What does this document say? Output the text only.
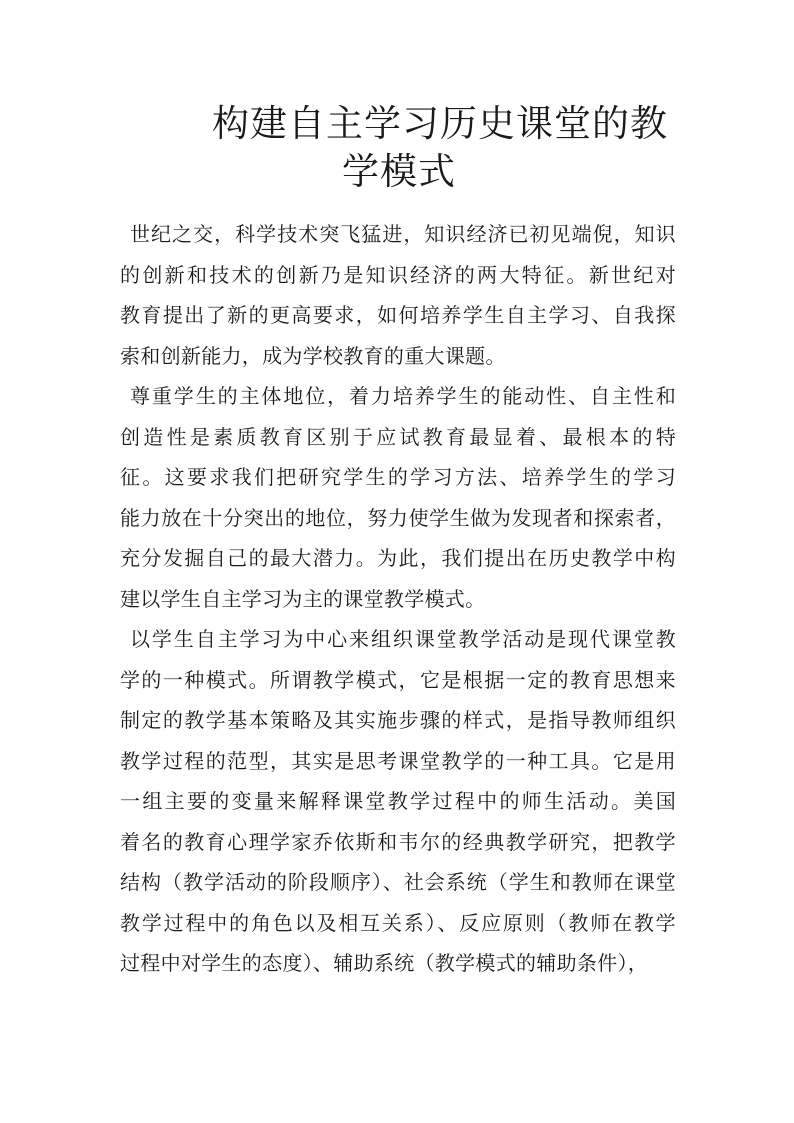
构建自主学习历史课堂的教
学模式

世纪之交，科学技术突飞猛进，知识经济已初见端倪，知识

的创新和技术的创新乃是知识经济的两大特征。新世纪对

教育提出了新的更高要求，如何培养学生自主学习、自我探

索和创新能力，成为学校教育的重大课题。

尊重学生的主体地位，着力培养学生的能动性、自主性和

创造性是素质教育区别于应试教育最显着、最根本的特

征。这要求我们把研究学生的学习方法、培养学生的学习

能力放在十分突出的地位，努力使学生做为发现者和探索者，

充分发掘自己的最大潜力。为此，我们提出在历史教学中构

建以学生自主学习为主的课堂教学模式。

以学生自主学习为中心来组织课堂教学活动是现代课堂教

学的一种模式。所谓教学模式，它是根据一定的教育思想来

制定的教学基本策略及其实施步骤的样式，是指导教师组织

教学过程的范型，其实是思考课堂教学的一种工具。它是用

一组主要的变量来解释课堂教学过程中的师生活动。美国

着名的教育心理学家乔依斯和韦尔的经典教学研究，把教学

结构（教学活动的阶段顺序）、社会系统（学生和教师在课堂

教学过程中的角色以及相互关系）、反应原则（教师在教学

过程中对学生的态度）、辅助系统（教学模式的辅助条件），
